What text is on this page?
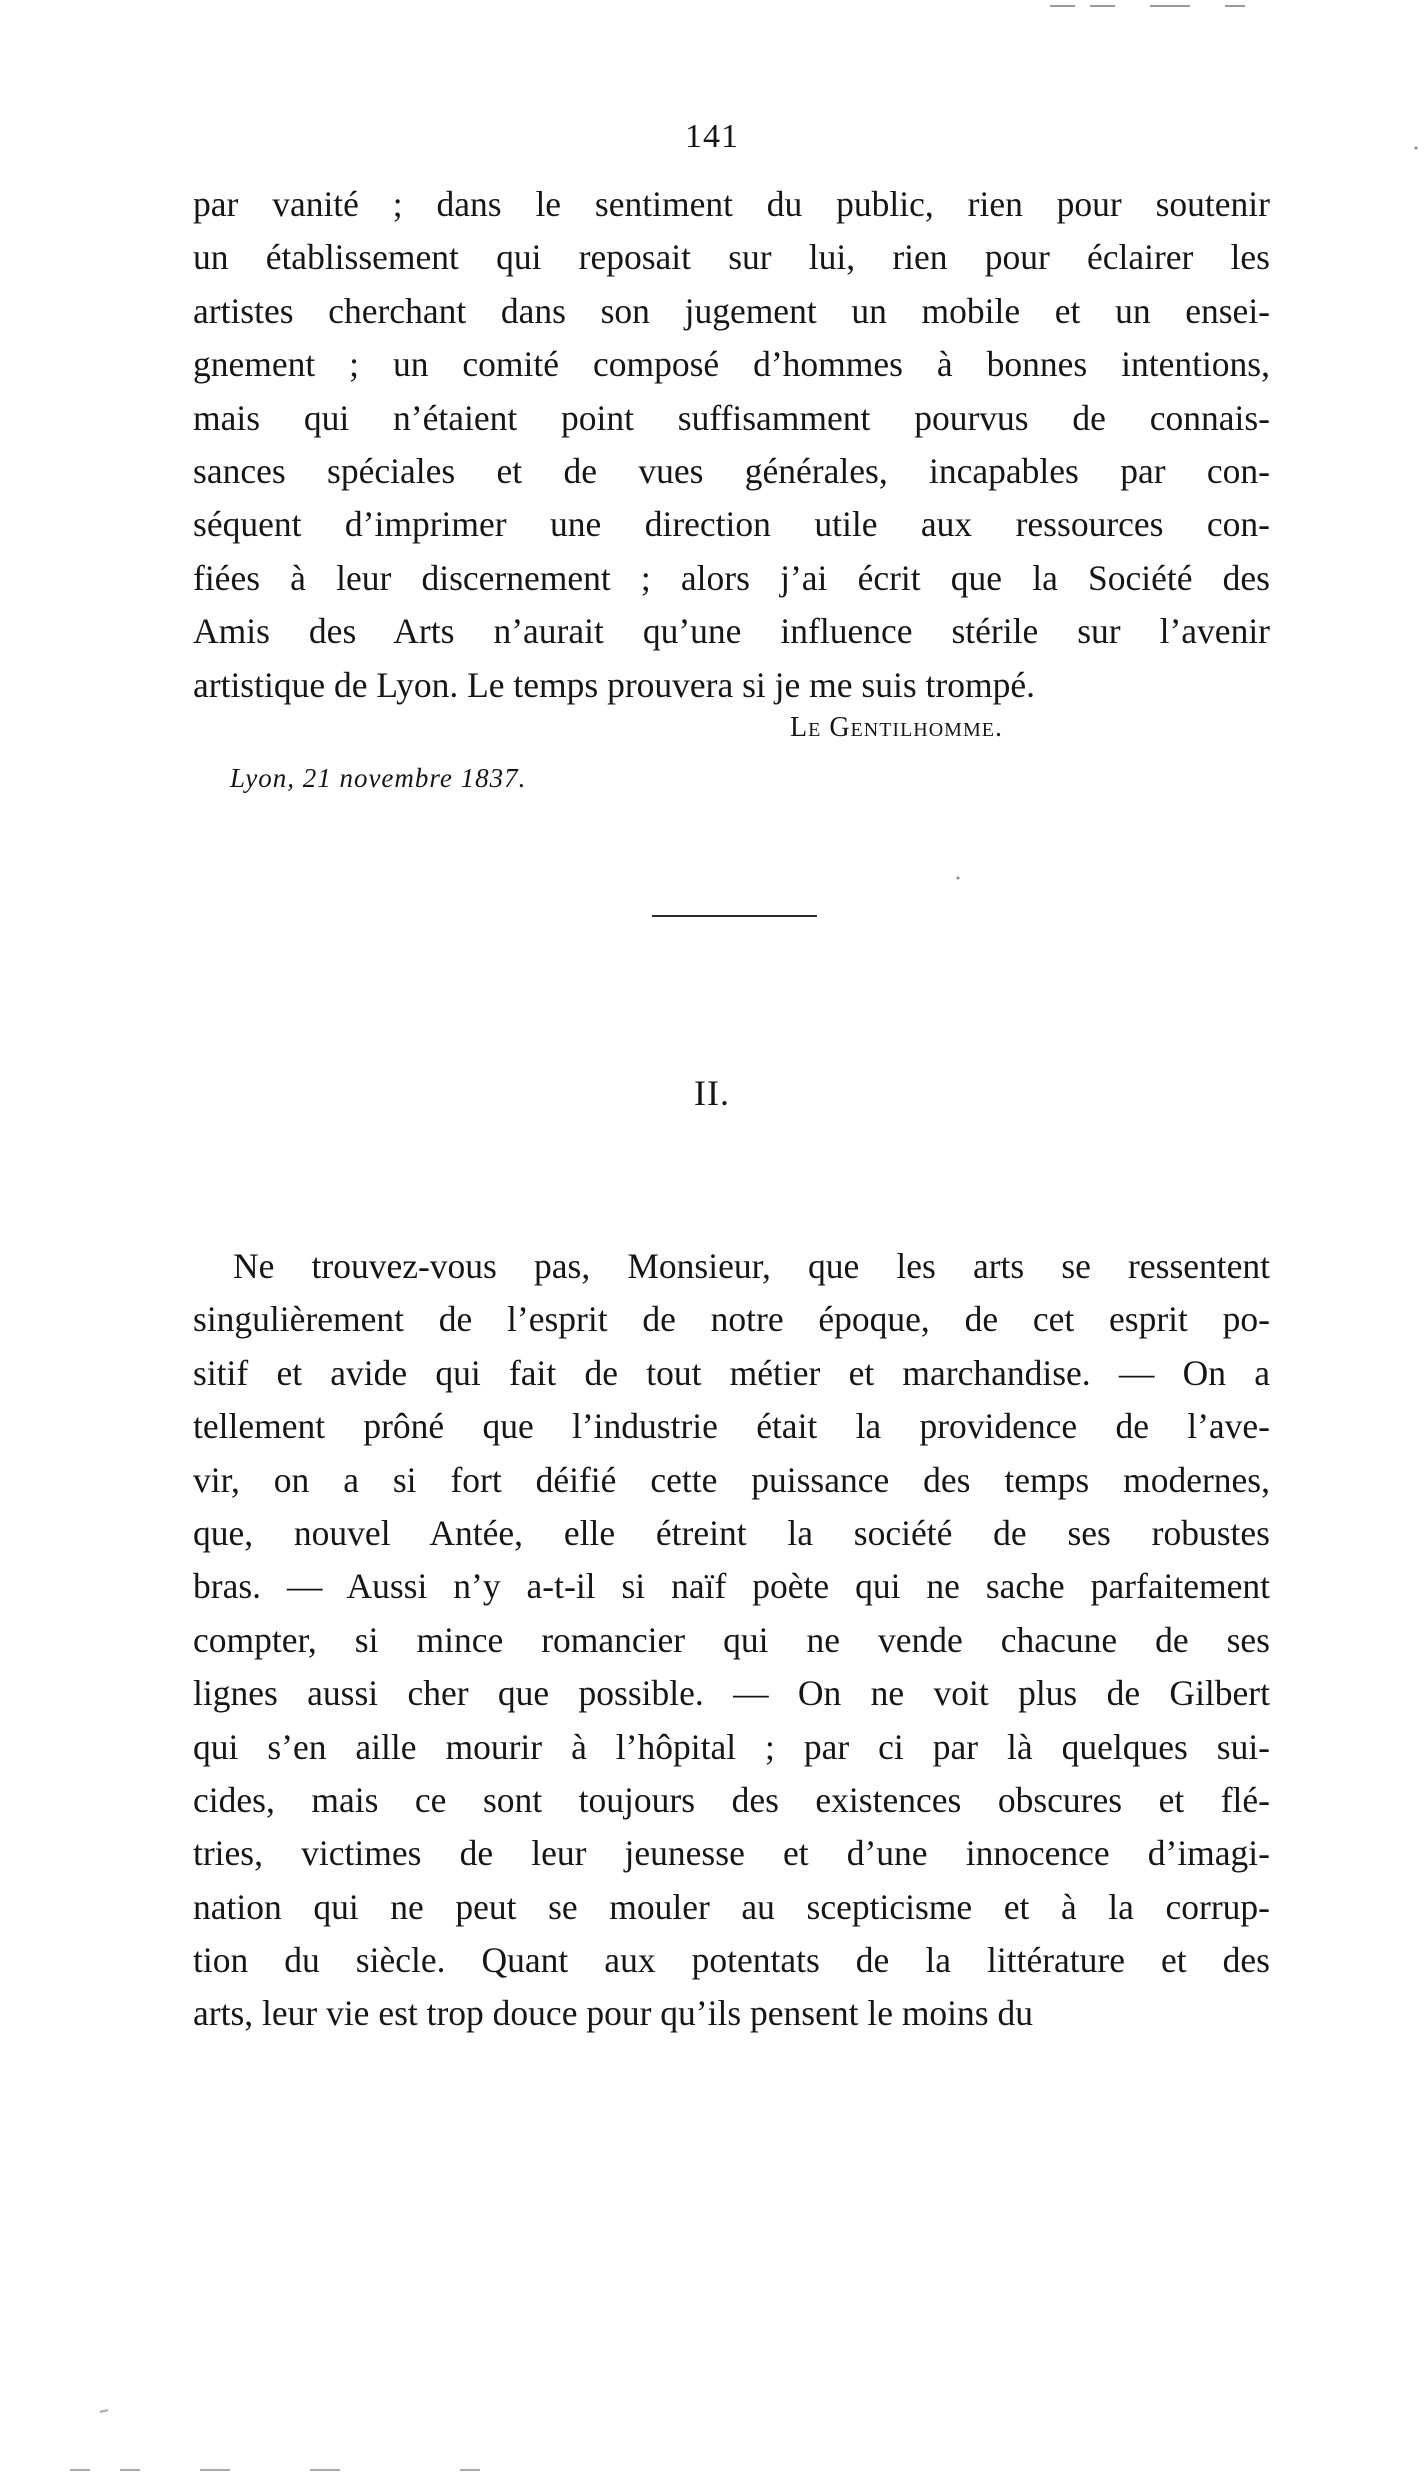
141
par vanité ; dans le sentiment du public, rien pour soutenir
un établissement qui reposait sur lui, rien pour éclairer les
artistes cherchant dans son jugement un mobile et un ensei-
gnement ; un comité composé d’hommes à bonnes intentions,
mais qui n’étaient point suffisamment pourvus de connais-
sances spéciales et de vues générales, incapables par con-
séquent d’imprimer une direction utile aux ressources con-
fiées à leur discernement ; alors j’ai écrit que la Société des
Amis des Arts n’aurait qu’une influence stérile sur l’avenir
artistique de Lyon. Le temps prouvera si je me suis trompé.
Le Gentilhomme.
Lyon, 21 novembre 1837.
II.
Ne trouvez-vous pas, Monsieur, que les arts se ressentent
singulièrement de l’esprit de notre époque, de cet esprit po-
sitif et avide qui fait de tout métier et marchandise. — On a
tellement prôné que l’industrie était la providence de l’ave-
vir, on a si fort déifié cette puissance des temps modernes,
que, nouvel Antée, elle étreint la société de ses robustes
bras. — Aussi n’y a-t-il si naïf poète qui ne sache parfaitement
compter, si mince romancier qui ne vende chacune de ses
lignes aussi cher que possible. — On ne voit plus de Gilbert
qui s’en aille mourir à l’hôpital ; par ci par là quelques sui-
cides, mais ce sont toujours des existences obscures et flé-
tries, victimes de leur jeunesse et d’une innocence d’imagi-
nation qui ne peut se mouler au scepticisme et à la corrup-
tion du siècle. Quant aux potentats de la littérature et des
arts, leur vie est trop douce pour qu’ils pensent le moins du
